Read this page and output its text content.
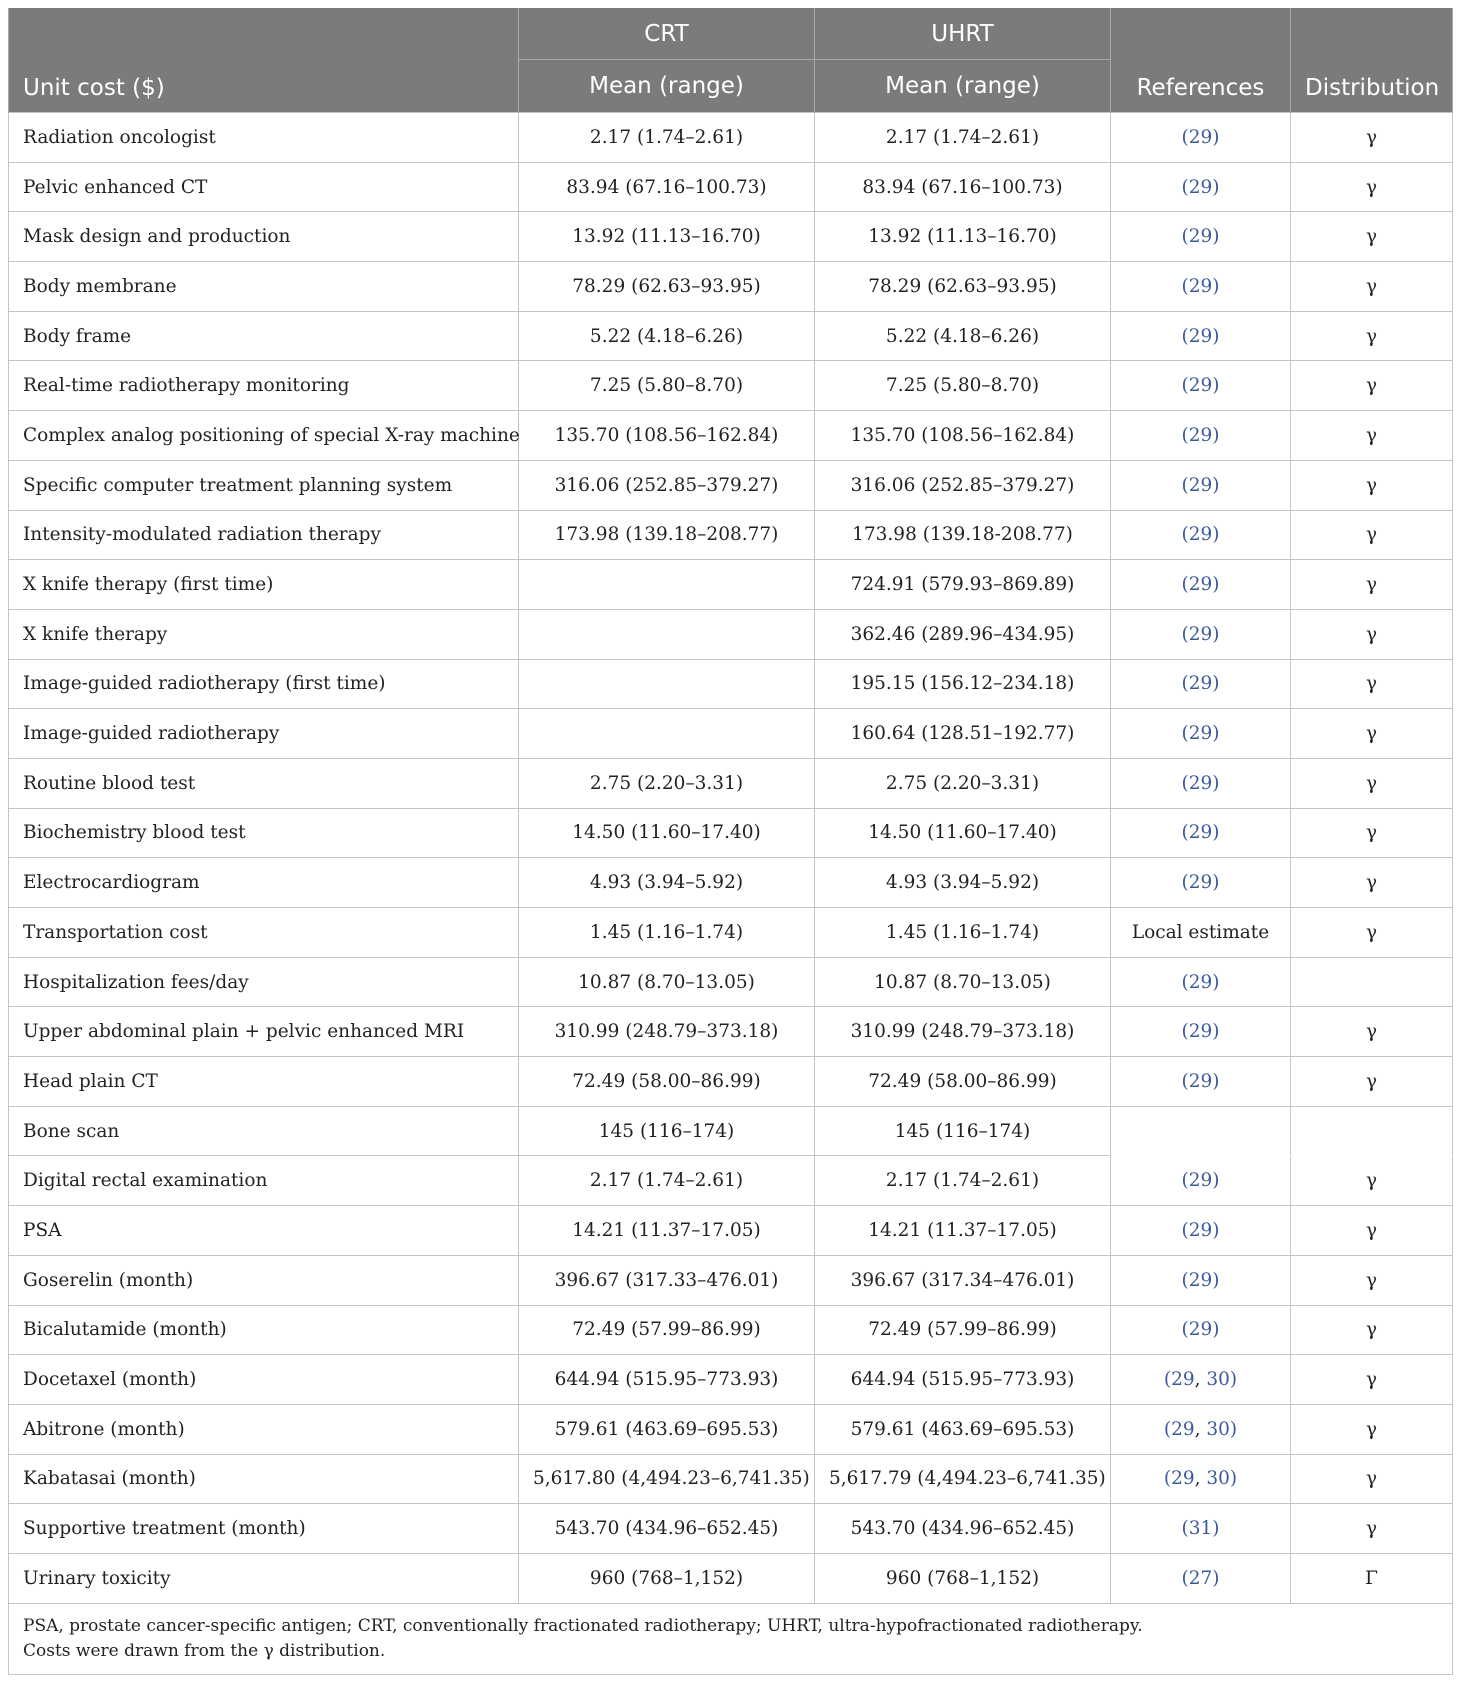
Unit cost ($)	CRT	UHRT	References	Distribution
	Mean (range)	Mean (range)		
Radiation oncologist	2.17 (1.74–2.61)	2.17 (1.74–2.61)	(29)	γ
Pelvic enhanced CT	83.94 (67.16–100.73)	83.94 (67.16–100.73)	(29)	γ
Mask design and production	13.92 (11.13–16.70)	13.92 (11.13–16.70)	(29)	γ
Body membrane	78.29 (62.63–93.95)	78.29 (62.63–93.95)	(29)	γ
Body frame	5.22 (4.18–6.26)	5.22 (4.18–6.26)	(29)	γ
Real-time radiotherapy monitoring	7.25 (5.80–8.70)	7.25 (5.80–8.70)	(29)	γ
Complex analog positioning of special X-ray machine	135.70 (108.56–162.84)	135.70 (108.56–162.84)	(29)	γ
Specific computer treatment planning system	316.06 (252.85–379.27)	316.06 (252.85–379.27)	(29)	γ
Intensity-modulated radiation therapy	173.98 (139.18–208.77)	173.98 (139.18-208.77)	(29)	γ
X knife therapy (first time)		724.91 (579.93–869.89)	(29)	γ
X knife therapy		362.46 (289.96–434.95)	(29)	γ
Image-guided radiotherapy (first time)		195.15 (156.12–234.18)	(29)	γ
Image-guided radiotherapy		160.64 (128.51–192.77)	(29)	γ
Routine blood test	2.75 (2.20–3.31)	2.75 (2.20–3.31)	(29)	γ
Biochemistry blood test	14.50 (11.60–17.40)	14.50 (11.60–17.40)	(29)	γ
Electrocardiogram	4.93 (3.94–5.92)	4.93 (3.94–5.92)	(29)	γ
Transportation cost	1.45 (1.16–1.74)	1.45 (1.16–1.74)	Local estimate	γ
Hospitalization fees/day	10.87 (8.70–13.05)	10.87 (8.70–13.05)	(29)	
Upper abdominal plain + pelvic enhanced MRI	310.99 (248.79–373.18)	310.99 (248.79–373.18)	(29)	γ
Head plain CT	72.49 (58.00–86.99)	72.49 (58.00–86.99)	(29)	γ
Bone scan	145 (116–174)	145 (116–174)		
Digital rectal examination	2.17 (1.74–2.61)	2.17 (1.74–2.61)	(29)	γ
PSA	14.21 (11.37–17.05)	14.21 (11.37–17.05)	(29)	γ
Goserelin (month)	396.67 (317.33–476.01)	396.67 (317.34–476.01)	(29)	γ
Bicalutamide (month)	72.49 (57.99–86.99)	72.49 (57.99–86.99)	(29)	γ
Docetaxel (month)	644.94 (515.95–773.93)	644.94 (515.95–773.93)	(29, 30)	γ
Abitrone (month)	579.61 (463.69–695.53)	579.61 (463.69–695.53)	(29, 30)	γ
Kabatasai (month)	5,617.80 (4,494.23–6,741.35)	5,617.79 (4,494.23–6,741.35)	(29, 30)	γ
Supportive treatment (month)	543.70 (434.96–652.45)	543.70 (434.96–652.45)	(31)	γ
Urinary toxicity	960 (768–1,152)	960 (768–1,152)	(27)	Γ

PSA, prostate cancer-specific antigen; CRT, conventionally fractionated radiotherapy; UHRT, ultra-hypofractionated radiotherapy.
Costs were drawn from the γ distribution.				
